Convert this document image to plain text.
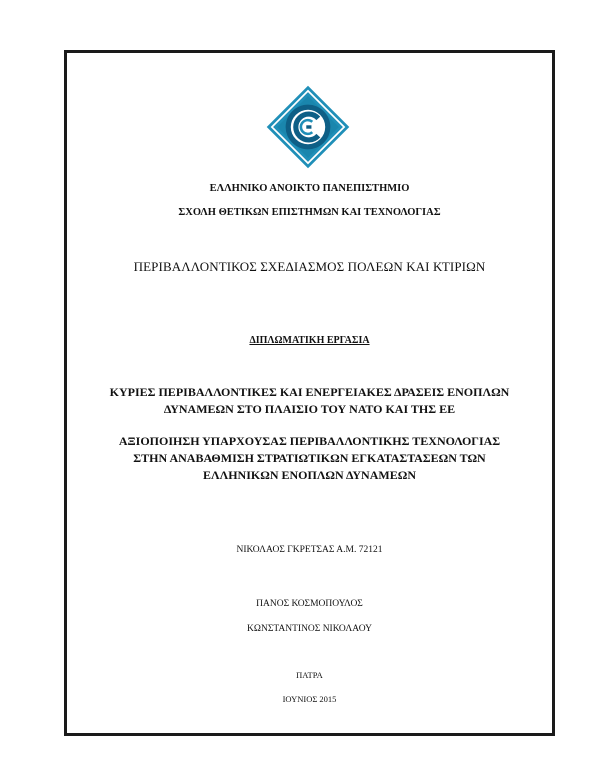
ΕΛΛΗΝΙΚΟ ΑΝΟΙΚΤΟ ΠΑΝΕΠΙΣΤΗΜΙΟ
ΣΧΟΛΗ ΘΕΤΙΚΩΝ ΕΠΙΣΤΗΜΩΝ ΚΑΙ ΤΕΧΝΟΛΟΓΙΑΣ
ΠΕΡΙΒΑΛΛΟΝΤΙΚΟΣ ΣΧΕΔΙΑΣΜΟΣ ΠΟΛΕΩΝ ΚΑΙ ΚΤΙΡΙΩΝ
ΔΙΠΛΩΜΑΤΙΚΗ ΕΡΓΑΣΙΑ
ΚΥΡΙΕΣ ΠΕΡΙΒΑΛΛΟΝΤΙΚΕΣ ΚΑΙ ΕΝΕΡΓΕΙΑΚΕΣ ΔΡΑΣΕΙΣ ΕΝΟΠΛΩΝ
ΔΥΝΑΜΕΩΝ ΣΤΟ ΠΛΑΙΣΙΟ ΤΟΥ ΝΑΤΟ ΚΑΙ ΤΗΣ ΕΕ
ΑΞΙΟΠΟΙΗΣΗ ΥΠΑΡΧΟΥΣΑΣ ΠΕΡΙΒΑΛΛΟΝΤΙΚΗΣ ΤΕΧΝΟΛΟΓΙΑΣ
ΣΤΗΝ ΑΝΑΒΑΘΜΙΣΗ ΣΤΡΑΤΙΩΤΙΚΩΝ ΕΓΚΑΤΑΣΤΑΣΕΩΝ ΤΩΝ
ΕΛΛΗΝΙΚΩΝ ΕΝΟΠΛΩΝ ΔΥΝΑΜΕΩΝ
ΝΙΚΟΛΑΟΣ ΓΚΡΕΤΣΑΣ Α.Μ. 72121
ΠΑΝΟΣ ΚΟΣΜΟΠΟΥΛΟΣ
ΚΩΝΣΤΑΝΤΙΝΟΣ ΝΙΚΟΛΑΟΥ
ΠΑΤΡΑ
ΙΟΥΝΙΟΣ 2015
